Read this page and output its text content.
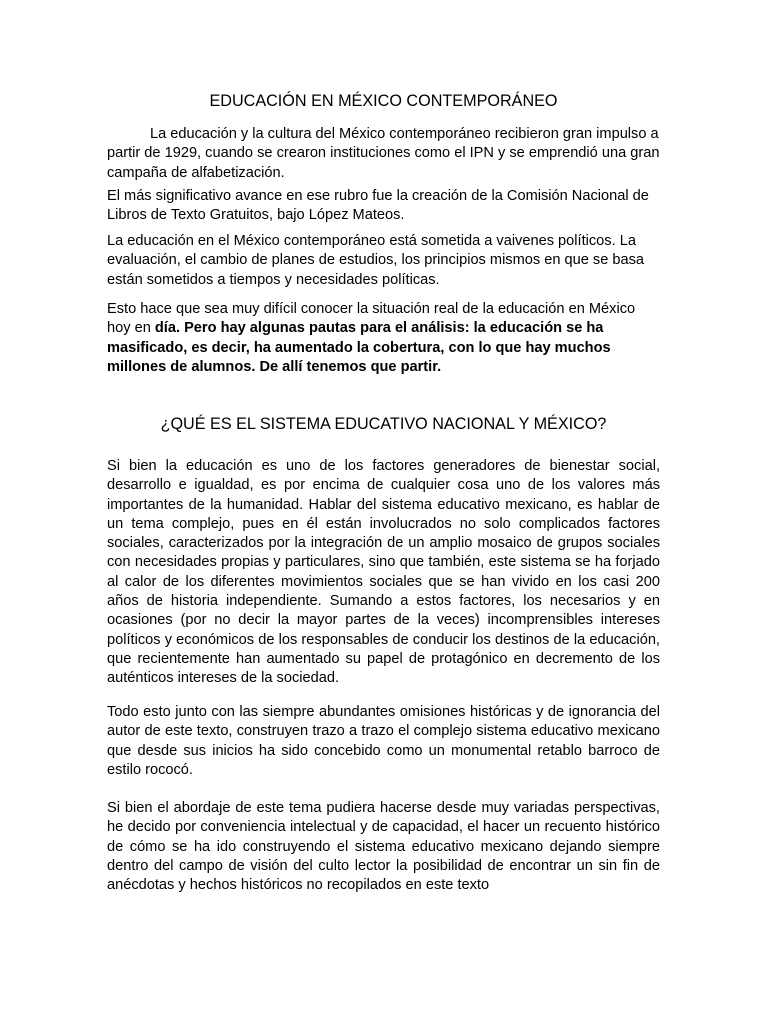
EDUCACIÓN EN MÉXICO CONTEMPORÁNEO

La educación y la cultura del México contemporáneo recibieron gran impulso a partir de 1929, cuando se crearon instituciones como el IPN y se emprendió una gran campaña de alfabetización.

El más significativo avance en ese rubro fue la creación de la Comisión Nacional de Libros de Texto Gratuitos, bajo López Mateos.

La educación en el México contemporáneo está sometida a vaivenes políticos. La evaluación, el cambio de planes de estudios, los principios mismos en que se basa están sometidos a tiempos y necesidades políticas.

Esto hace que sea muy difícil conocer la situación real de la educación en México hoy en día. Pero hay algunas pautas para el análisis: la educación se ha masificado, es decir, ha aumentado la cobertura, con lo que hay muchos millones de alumnos. De allí tenemos que partir.

¿QUÉ ES EL SISTEMA EDUCATIVO NACIONAL Y MÉXICO?

Si bien la educación es uno de los factores generadores de bienestar social, desarrollo e igualdad, es por encima de cualquier cosa uno de los valores más importantes de la humanidad. Hablar del sistema educativo mexicano, es hablar de un tema complejo, pues en él están involucrados no solo complicados factores sociales, caracterizados por la integración de un amplio mosaico de grupos sociales con necesidades propias y particulares, sino que también, este sistema se ha forjado al calor de los diferentes movimientos sociales que se han vivido en los casi 200 años de historia independiente. Sumando a estos factores, los necesarios y en ocasiones (por no decir la mayor partes de la veces) incomprensibles intereses políticos y económicos de los responsables de conducir los destinos de la educación, que recientemente han aumentado su papel de protagónico en decremento de los auténticos intereses de la sociedad.

Todo esto junto con las siempre abundantes omisiones históricas y de ignorancia del autor de este texto, construyen trazo a trazo el complejo sistema educativo mexicano que desde sus inicios ha sido concebido como un monumental retablo barroco de estilo rococó.

Si bien el abordaje de este tema pudiera hacerse desde muy variadas perspectivas, he decido por conveniencia intelectual y de capacidad, el hacer un recuento histórico de cómo se ha ido construyendo el sistema educativo mexicano dejando siempre dentro del campo de visión del culto lector la posibilidad de encontrar un sin fin de anécdotas y hechos históricos no recopilados en este texto
